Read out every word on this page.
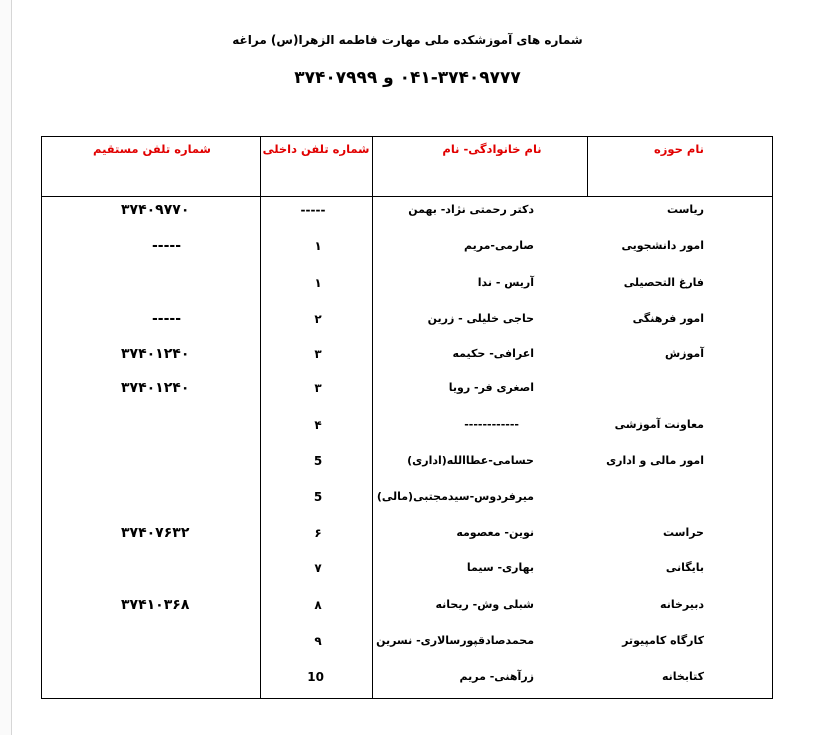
شماره های آموزشکده ملی مهارت فاطمه الزهرا(س) مراغه
۰۴۱-۳۷۴۰۹۷۷۷ و ۳۷۴۰۷۹۹۹
نام حوزه
نام خانوادگی- نام
شماره تلفن داخلی
شماره تلفن مستقیم
ریاست
دکتر رحمتی نژاد- بهمن
-----
۳۷۴۰۹۷۷۰
امور دانشجویی
صارمی-مریم
۱
-----
فارغ التحصیلی
آریس - ندا
۱
امور فرهنگی
حاجی خلیلی - زرین
۲
-----
آموزش
اعرافی- حکیمه
۳
۳۷۴۰۱۲۴۰
اصغری فر- رویا
۳
۳۷۴۰۱۲۴۰
معاونت آموزشی
------------
۴
امور مالی و اداری
حسامی-عطاالله(اداری)
5
میرفردوس-سیدمجتبی(مالی)
5
حراست
نوین- معصومه
۶
۳۷۴۰۷۶۳۲
بایگانی
بهاری- سیما
۷
دبیرخانه
شبلی وش- ریحانه
۸
۳۷۴۱۰۳۶۸
کارگاه کامپیوتر
محمدصادقپورسالاری- نسرین
۹
کتابخانه
زرآهنی- مریم
10
